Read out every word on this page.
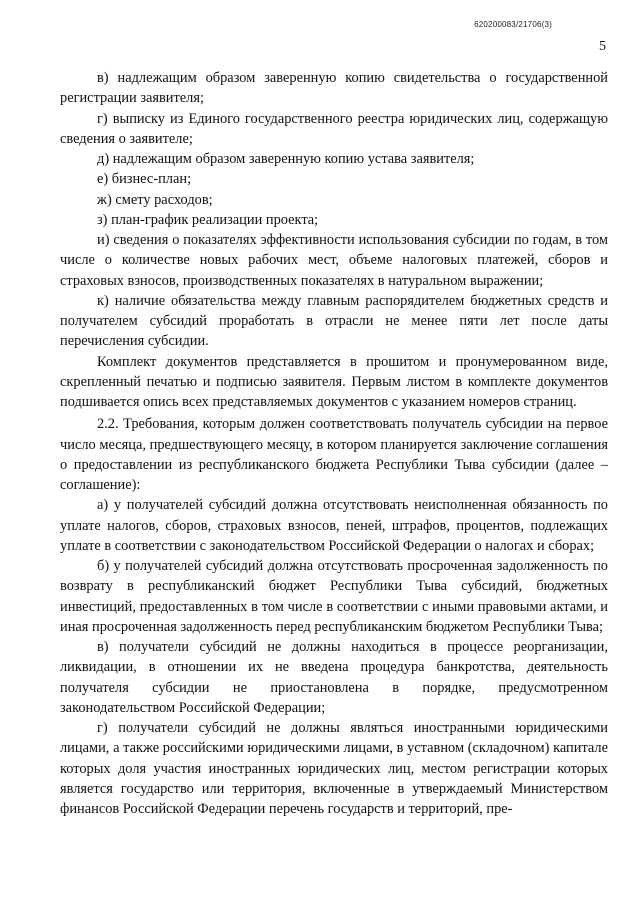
620200083/21706(3)
5

в) надлежащим образом заверенную копию свидетельства о государственной регистрации заявителя;

г) выписку из Единого государственного реестра юридических лиц, содержащую сведения о заявителе;

д) надлежащим образом заверенную копию устава заявителя;

е) бизнес-план;

ж) смету расходов;

з) план-график реализации проекта;

и) сведения о показателях эффективности использования субсидии по годам, в том числе о количестве новых рабочих мест, объеме налоговых платежей, сборов и страховых взносов, производственных показателях в натуральном выражении;

к) наличие обязательства между главным распорядителем бюджетных средств и получателем субсидий проработать в отрасли не менее пяти лет после даты перечисления субсидии.

Комплект документов представляется в прошитом и пронумерованном виде, скрепленный печатью и подписью заявителя. Первым листом в комплекте документов подшивается опись всех представляемых документов с указанием номеров страниц.

2.2. Требования, которым должен соответствовать получатель субсидии на первое число месяца, предшествующего месяцу, в котором планируется заключение соглашения о предоставлении из республиканского бюджета Республики Тыва субсидии (далее – соглашение):

а) у получателей субсидий должна отсутствовать неисполненная обязанность по уплате налогов, сборов, страховых взносов, пеней, штрафов, процентов, подлежащих уплате в соответствии с законодательством Российской Федерации о налогах и сборах;

б) у получателей субсидий должна отсутствовать просроченная задолженность по возврату в республиканский бюджет Республики Тыва субсидий, бюджетных инвестиций, предоставленных в том числе в соответствии с иными правовыми актами, и иная просроченная задолженность перед республиканским бюджетом Республики Тыва;

в) получатели субсидий не должны находиться в процессе реорганизации, ликвидации, в отношении их не введена процедура банкротства, деятельность получателя субсидии не приостановлена в порядке, предусмотренном законодательством Российской Федерации;

г) получатели субсидий не должны являться иностранными юридическими лицами, а также российскими юридическими лицами, в уставном (складочном) капитале которых доля участия иностранных юридических лиц, местом регистрации которых является государство или территория, включенные в утверждаемый Министерством финансов Российской Федерации перечень государств и территорий, пре-
